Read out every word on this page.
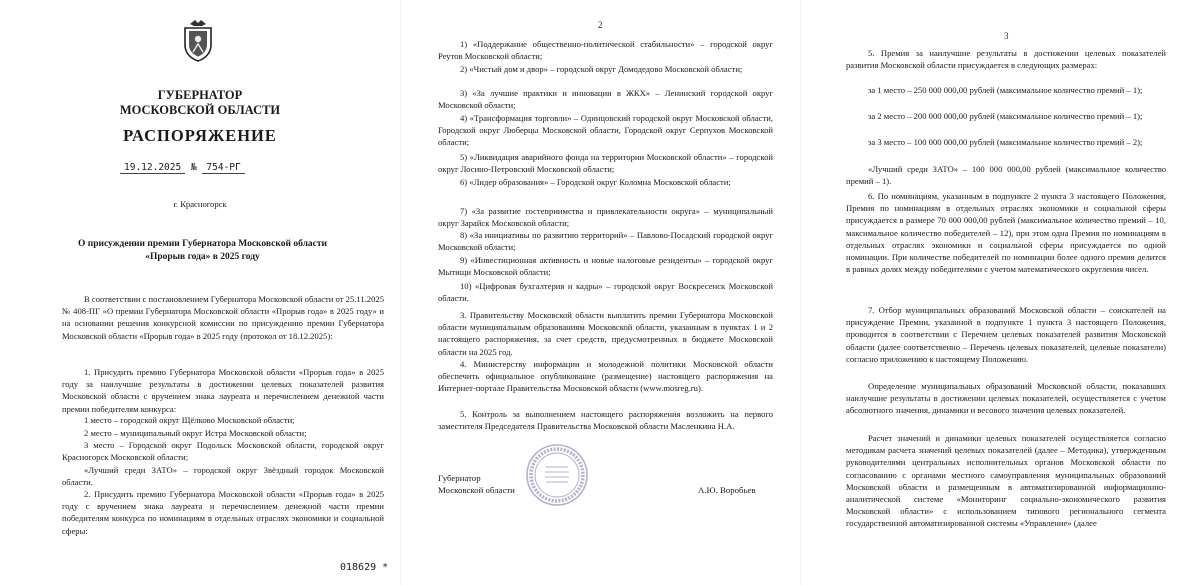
ГУБЕРНАТОР
МОСКОВСКОЙ ОБЛАСТИ
РАСПОРЯЖЕНИЕ
19.12.2025 № 754-РГ
г. Красногорск
О присуждении премии Губернатора Московской области «Прорыв года» в 2025 году
В соответствии с постановлением Губернатора Московской области от 25.11.2025 № 408-ПГ «О премии Губернатора Московской области «Прорыв года» в 2025 году» и на основании решения конкурсной комиссии по присуждению премии Губернатора Московской области «Прорыв года» в 2025 году (протокол от 18.12.2025):
1. Присудить премию Губернатора Московской области «Прорыв года» в 2025 году за наилучшие результаты в достижении целевых показателей развития Московской области с вручением знака лауреата и перечислением денежной части премии победителям конкурса:
1 место – городской округ Щёлково Московской области;
2 место – муниципальный округ Истра Московской области;
3 место – Городской округ Подольск Московской области, городской округ Красногорск Московской области;
«Лучший среди ЗАТО» – городской округ Звёздный городок Московской области.
2. Присудить премию Губернатора Московской области «Прорыв года» в 2025 году с вручением знака лауреата и перечислением денежной части премии победителям конкурса по номинациям в отдельных отраслях экономики и социальной сферы:
018629 *
2
1) «Поддержание общественно-политической стабильности» – городской округ Реутов Московской области;
2) «Чистый дом и двор» – городской округ Домодедово Московской области;
3) «За лучшие практики и инновации в ЖКХ» – Ленинский городской округ Московской области;
4) «Трансформация торговли» – Одинцовский городской округ Московской области, Городской округ Люберцы Московской области, Городской округ Серпухов Московской области;
5) «Ликвидация аварийного фонда на территории Московской области» – городской округ Лосино-Петровский Московской области;
6) «Лидер образования» – Городской округ Коломна Московской области;
7) «За развитие гостеприимства и привлекательности округа» – муниципальный округ Зарайск Московской области;
8) «За инициативы по развитию территорий» – Павлово-Посадский городской округ Московской области;
9) «Инвестиционная активность и новые налоговые резиденты» – городской округ Мытищи Московской области;
10) «Цифровая бухгалтерия и кадры» – городской округ Воскресенск Московской области.
3. Правительству Московской области выплатить премии Губернатора Московской области муниципальным образованиям Московской области, указанным в пунктах 1 и 2 настоящего распоряжения, за счет средств, предусмотренных в бюджете Московской области на 2025 год.
4. Министерству информации и молодежной политики Московской области обеспечить официальное опубликование (размещение) настоящего распоряжения на Интернет-портале Правительства Московской области (www.mosreg.ru).
5. Контроль за выполнением настоящего распоряжения возложить на первого заместителя Председателя Правительства Московской области Масленкина Н.А.
Губернатор
Московской области	А.Ю. Воробьев
3
5. Премия за наилучшие результаты в достижении целевых показателей развития Московской области присуждается в следующих размерах:
за 1 место – 250 000 000,00 рублей (максимальное количество премий – 1);
за 2 место – 200 000 000,00 рублей (максимальное количество премий – 1);
за 3 место – 100 000 000,00 рублей (максимальное количество премий – 2);
«Лучший среди ЗАТО» – 100 000 000,00 рублей (максимальное количество премий – 1).
6. По номинациям, указанным в подпункте 2 пункта 3 настоящего Положения, Премия по номинациям в отдельных отраслях экономики и социальной сферы присуждается в размере 70 000 000,00 рублей (максимальное количество премий – 10, максимальное количество победителей – 12), при этом одна Премия по номинациям в отдельных отраслях экономики и социальной сферы присуждается по одной номинации. При количестве победителей по номинации более одного премия делится в равных долях между победителями с учетом математического округления чисел.
7. Отбор муниципальных образований Московской области – соискателей на присуждение Премии, указанной в подпункте 1 пункта 3 настоящего Положения, проводится в соответствии с Перечнем целевых показателей развития Московской области (далее соответственно – Перечень целевых показателей, целевые показатели) согласно приложению к настоящему Положению.
Определение муниципальных образований Московской области, показавших наилучшие результаты в достижении целевых показателей, осуществляется с учетом абсолютного значения, динамики и весового значения целевых показателей.
Расчет значений и динамики целевых показателей осуществляется согласно методикам расчета значений целевых показателей (далее – Методика), утвержденным руководителями центральных исполнительных органов Московской области по согласованию с органами местного самоуправления муниципальных образований Московской области и размещенным в автоматизированной информационно-аналитической системе «Мониторинг социально-экономического развития Московской области» с использованием типового регионального сегмента государственной автоматизированной системы «Управление» (далее
